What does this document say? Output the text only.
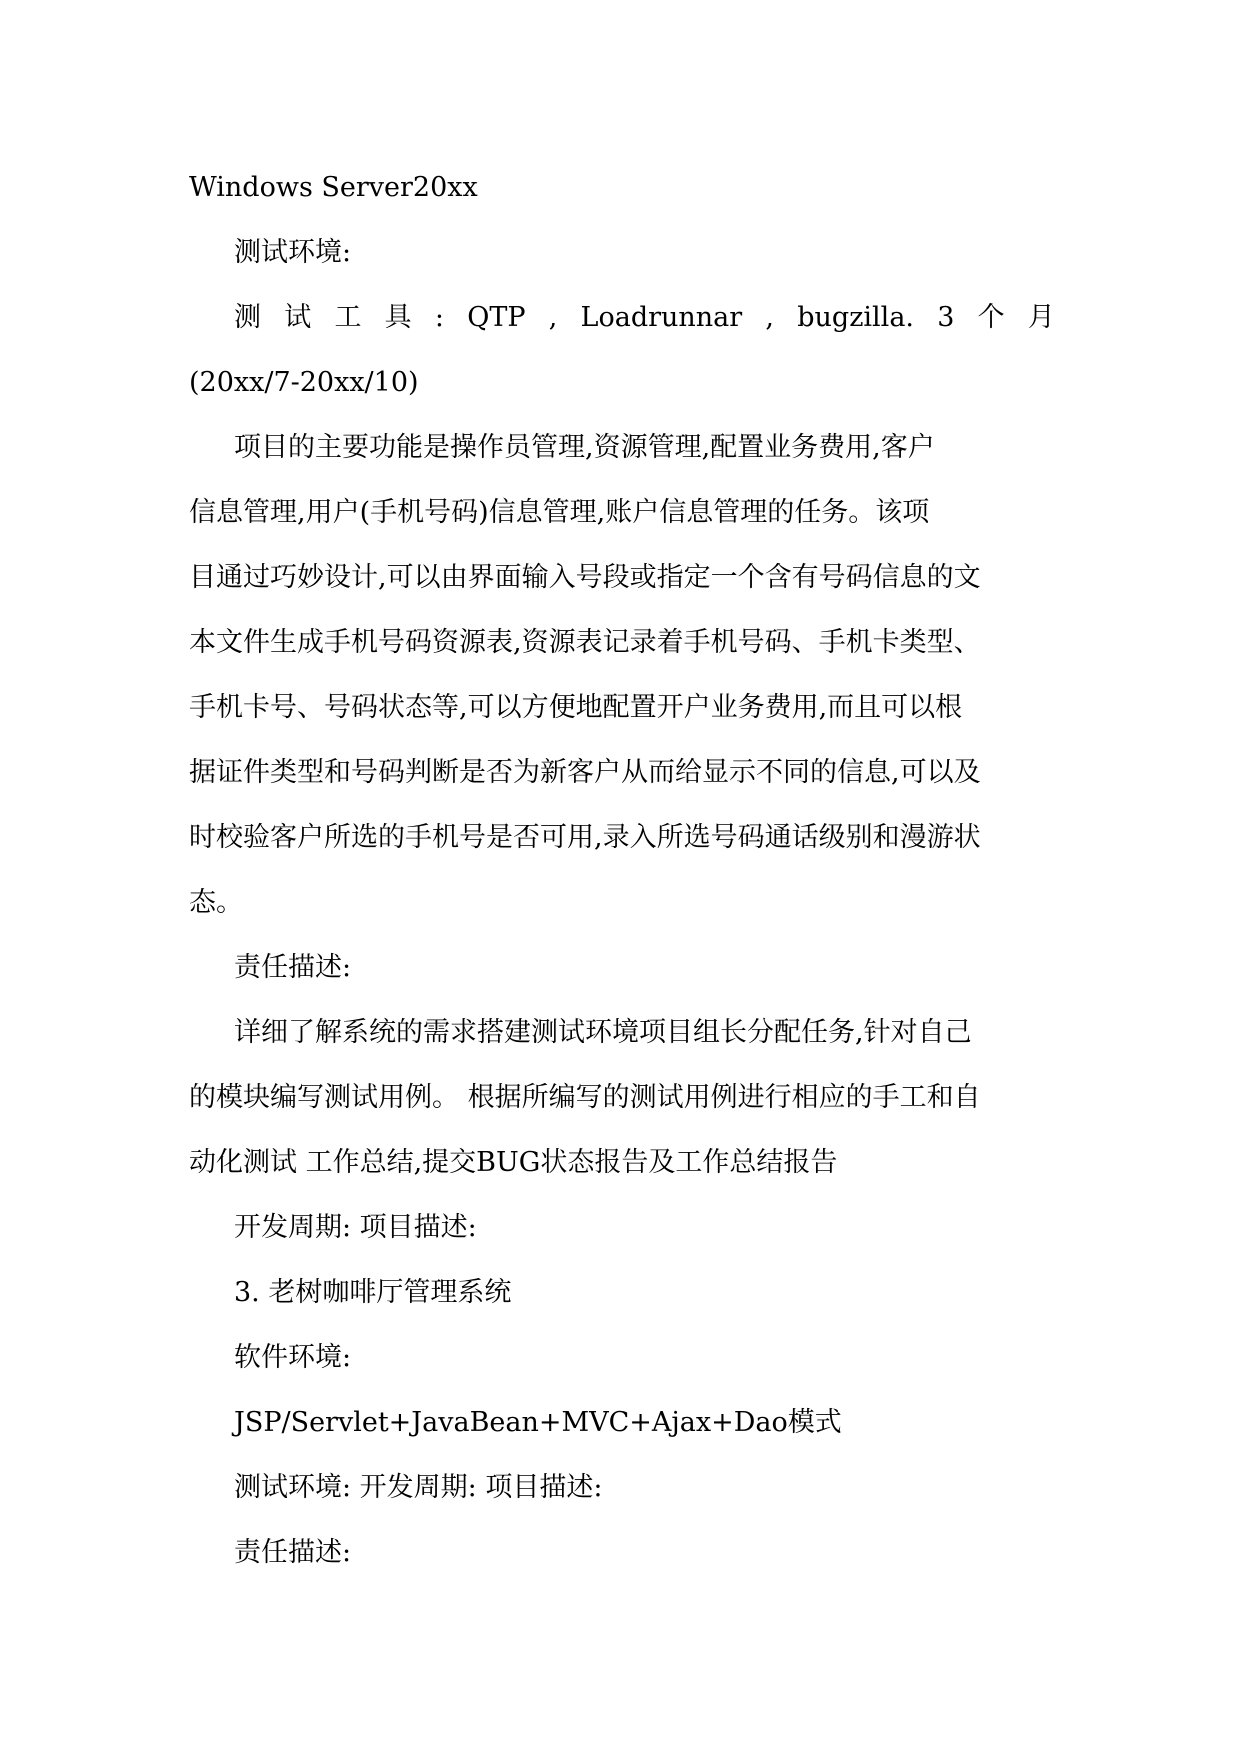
Windows Server20xx
测试环境:
测 试 工 具 : QTP , Loadrunnar , bugzilla. 3 个 月
(20xx/7-20xx/10)
项目的主要功能是操作员管理,资源管理,配置业务费用,客户
信息管理,用户(手机号码)信息管理,账户信息管理的任务。该项
目通过巧妙设计,可以由界面输入号段或指定一个含有号码信息的文
本文件生成手机号码资源表,资源表记录着手机号码、手机卡类型、
手机卡号、号码状态等,可以方便地配置开户业务费用,而且可以根
据证件类型和号码判断是否为新客户从而给显示不同的信息,可以及
时校验客户所选的手机号是否可用,录入所选号码通话级别和漫游状
态。
责任描述:
详细了解系统的需求搭建测试环境项目组长分配任务,针对自己
的模块编写测试用例。 根据所编写的测试用例进行相应的手工和自
动化测试 工作总结,提交BUG状态报告及工作总结报告
开发周期: 项目描述:
3. 老树咖啡厅管理系统
软件环境:
JSP/Servlet+JavaBean+MVC+Ajax+Dao模式
测试环境: 开发周期: 项目描述:
责任描述:
